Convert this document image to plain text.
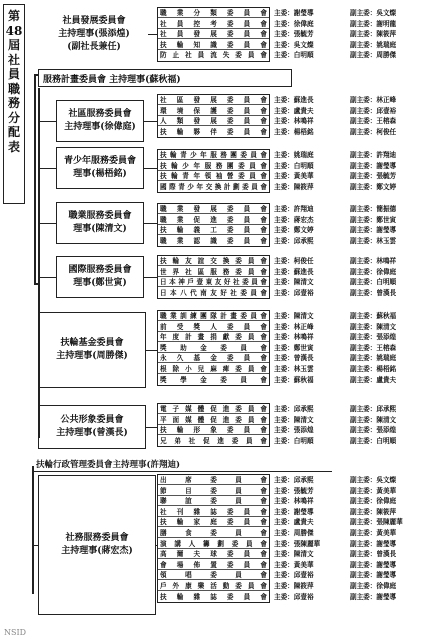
第
48
屆
社
員
職
務
分
配
表
社員發展委員會
主持理事(張添煌)
(副社長兼任)
職業分類委員會	主委：謝瑩導	副主委：吳文燦
社員控考委員會	主委：徐偉庭	副主委：謝明龍
社員發展委員會	主委：張毓芳	副主委：陳筱萍
扶輪知識委員會	主委：吳文燦	副主委：姚瑞庭
防止社員流失委員會	主委：白明順	副主委：周勝傑
社區服務委員會
主持理事(徐偉庭)
社區發展委員會	主委：蘇進長	副主委：林正峰
環境保護委員會	主委：盧貴夫	副主委：邱壹裕
人類發展委員會	主委：林鳴祥	副主委：王榕森
扶輪夥伴委員會	主委：楊梧銘	副主委：柯俊任
青少年服務委員會
理事(楊梧銘)
扶輪青少年服務團委員會	主委：姚瑞庭	副主委：許翔迪
扶輪少年服務團委員會	主委：白明順	副主委：謝瑩導
扶輪青年領袖營委員會	主委：黃美華	副主委：張毓芳
國際青少年交換計劃委員會	主委：陳筱萍	副主委：鄭文婷
職業服務委員會
理事(陳清文)
職業發展委員會	主委：許翔迪	副主委：簡振德
職業促進委員會	主委：蔣宏杰	副主委：鄭世寅
扶輪義工委員會	主委：鄭文婷	副主委：謝瑩導
職業認識委員會	主委：邱承熙	副主委：林玉雲
國際服務委員會
理事(鄭世寅)
扶輪友誼交換委員會	主委：柯俊任	副主委：林鳴祥
世界社區服務委員會	主委：蘇進長	副主委：徐偉庭
日本神戶壹東友好社委員會	主委：陳清文	副主委：白明順
日本八代南友好社委員會	主委：邱壹裕	副主委：曾漢長
扶輪基金委員會
主持理事(周勝傑)
職業訓練團隊計畫委員會	主委：陳清文	副主委：蘇秋福
前受獎人委員會	主委：林正峰	副主委：陳清文
年度計畫捐獻委員會	主委：林鳴祥	副主委：張添煌
獎助金委員會	主委：鄭世寅	副主委：王榕森
永久基金委員會	主委：曾漢長	副主委：姚瑞庭
根除小兒麻痺委員會	主委：林玉雲	副主委：楊梧銘
獎學金委員會	主委：蘇秋福	副主委：盧貴夫
公共形象委員會
主持理事(曾漢長)
電子媒體促進委員會	主委：邱承熙	副主委：邱承熙
平面媒體促進委員會	主委：陳清文	副主委：陳清文
扶輪形象委員會	主委：張添煌	副主委：張添煌
兄弟社促進委員會	主委：白明順	副主委：白明順
社務服務委員會
主持理事(蔣宏杰)
出席委員會	主委：邱承熙	副主委：吳文燦
節目委員會	主委：張毓芳	副主委：黃美華
聯誼委員會	主委：林鳴祥	副主委：徐偉庭
社刊雜誌委員會	主委：謝瑩導	副主委：陳筱萍
扶輪家庭委員會	主委：盧貴夫	副主委：張陳麗華
膳食委員會	主委：周勝傑	副主委：黃美華
演講人籌劃委員會	主委：張陳麗華	副主委：謝瑩導
高爾夫球委員會	主委：陳清文	副主委：曾漢長
會場佈置委員會	主委：黃美華	副主委：謝瑩導
領唱委員會	主委：邱壹裕	副主委：謝瑩導
戶外康樂活動委員會	主委：陳筱萍	副主委：徐偉庭
扶輪雜誌委員會	主委：邱壹裕	副主委：謝瑩導
服務計畫委員會 主持理事(蘇秋福)
扶輪行政管理委員會主持理事(許翔迪)
NSID
